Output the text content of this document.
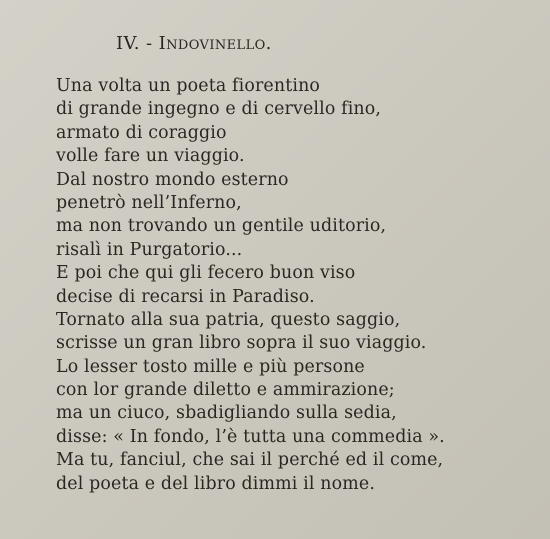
IV. - Indovinello.
Una volta un poeta fiorentino
di grande ingegno e di cervello fino,
armato di coraggio
volle fare un viaggio.
Dal nostro mondo esterno
penetrò nell’Inferno,
ma non trovando un gentile uditorio,
risalì in Purgatorio...
E poi che qui gli fecero buon viso
decise di recarsi in Paradiso.
Tornato alla sua patria, questo saggio,
scrisse un gran libro sopra il suo viaggio.
Lo lesser tosto mille e più persone
con lor grande diletto e ammirazione;
ma un ciuco, sbadigliando sulla sedia,
disse: « In fondo, l’è tutta una commedia ».
Ma tu, fanciul, che sai il perché ed il come,
del poeta e del libro dimmi il nome.
